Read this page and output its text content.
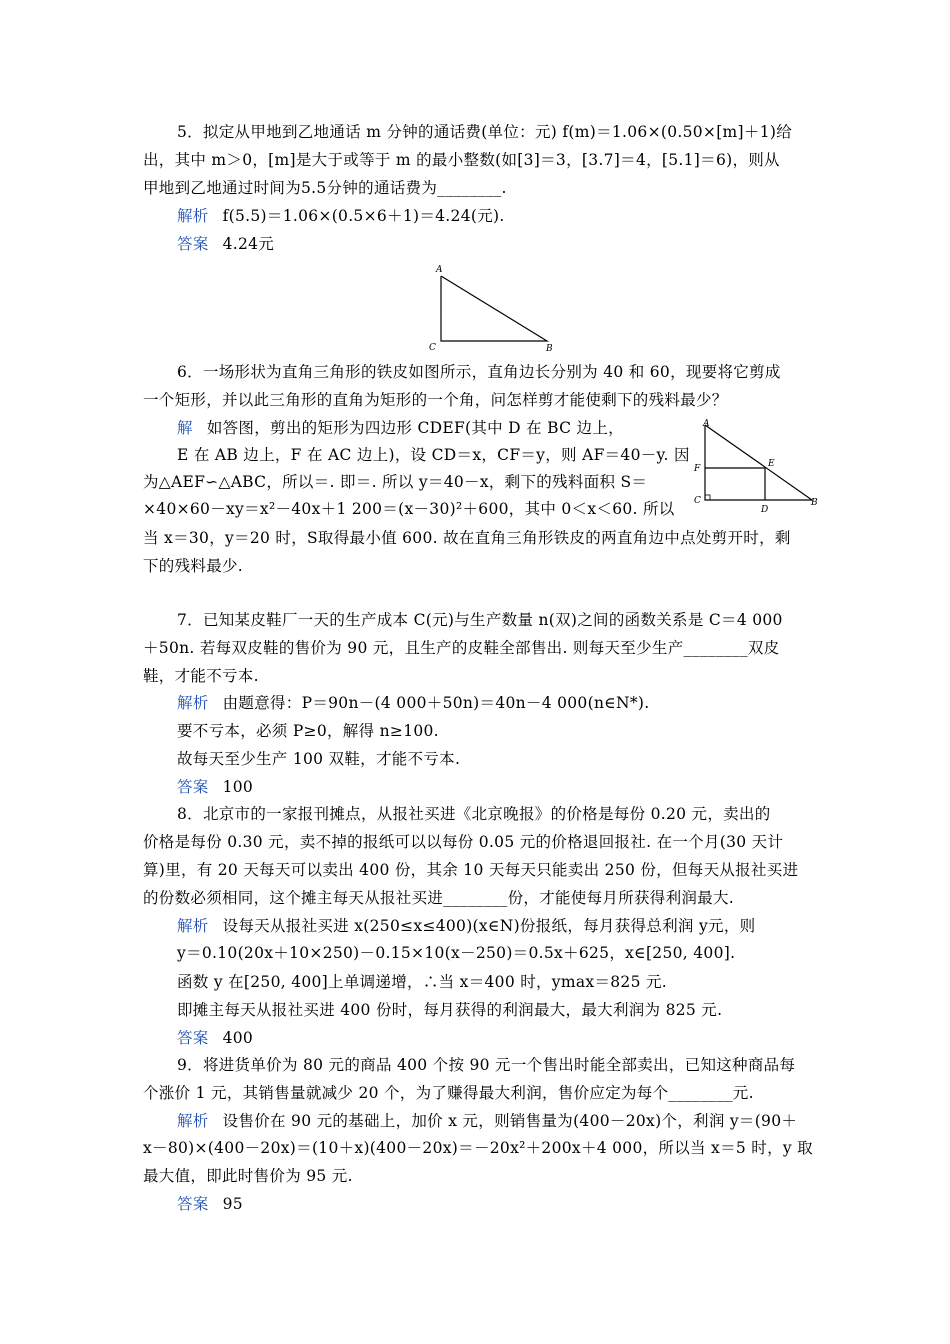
5．拟定从甲地到乙地通话 m 分钟的通话费(单位：元) f(m)＝1.06×(0.50×[m]＋1)给
出，其中 m＞0，[m]是大于或等于 m 的最小整数(如[3]＝3，[3.7]＝4，[5.1]＝6)，则从
甲地到乙地通过时间为5.5分钟的通话费为________.
解析 f(5.5)＝1.06×(0.5×6＋1)＝4.24(元).
答案 4.24元
A
C	B
6．一场形状为直角三角形的铁皮如图所示，直角边长分别为 40 和 60，现要将它剪成
一个矩形，并以此三角形的直角为矩形的一个角，问怎样剪才能使剩下的残料最少？
解 如答图，剪出的矩形为四边形 CDEF(其中 D 在 BC 边上，
E 在 AB 边上，F 在 AC 边上)，设 CD＝x，CF＝y，则 AF＝40－y. 因
为△AEF∽△ABC，所以＝. 即＝. 所以 y＝40－x，剩下的残料面积 S＝
×40×60－xy＝x²－40x＋1 200＝(x－30)²＋600，其中 0＜x＜60. 所以
当 x＝30，y＝20 时，S取得最小值 600. 故在直角三角形铁皮的两直角边中点处剪开时，剩
下的残料最少.
A
F	E
C
D
B
7．已知某皮鞋厂一天的生产成本 C(元)与生产数量 n(双)之间的函数关系是 C＝4 000
＋50n. 若每双皮鞋的售价为 90 元，且生产的皮鞋全部售出. 则每天至少生产________双皮
鞋，才能不亏本.
解析 由题意得：P＝90n－(4 000＋50n)＝40n－4 000(n∈N*).
要不亏本，必须 P≥0，解得 n≥100.
故每天至少生产 100 双鞋，才能不亏本.
答案 100
8．北京市的一家报刊摊点，从报社买进《北京晚报》的价格是每份 0.20 元，卖出的
价格是每份 0.30 元，卖不掉的报纸可以以每份 0.05 元的价格退回报社. 在一个月(30 天计
算)里，有 20 天每天可以卖出 400 份，其余 10 天每天只能卖出 250 份，但每天从报社买进
的份数必须相同，这个摊主每天从报社买进________份，才能使每月所获得利润最大.
解析 设每天从报社买进 x(250≤x≤400)(x∈N)份报纸，每月获得总利润 y元，则
y＝0.10(20x＋10×250)－0.15×10(x－250)＝0.5x＋625，x∈[250, 400].
函数 y 在[250, 400]上单调递增，∴当 x＝400 时，ymax＝825 元.
即摊主每天从报社买进 400 份时，每月获得的利润最大，最大利润为 825 元.
答案 400
9．将进货单价为 80 元的商品 400 个按 90 元一个售出时能全部卖出，已知这种商品每
个涨价 1 元，其销售量就减少 20 个，为了赚得最大利润，售价应定为每个________元.
解析 设售价在 90 元的基础上，加价 x 元，则销售量为(400－20x)个，利润 y＝(90＋
x－80)×(400－20x)＝(10＋x)(400－20x)＝－20x²＋200x＋4 000，所以当 x＝5 时，y 取
最大值，即此时售价为 95 元.
答案 95
